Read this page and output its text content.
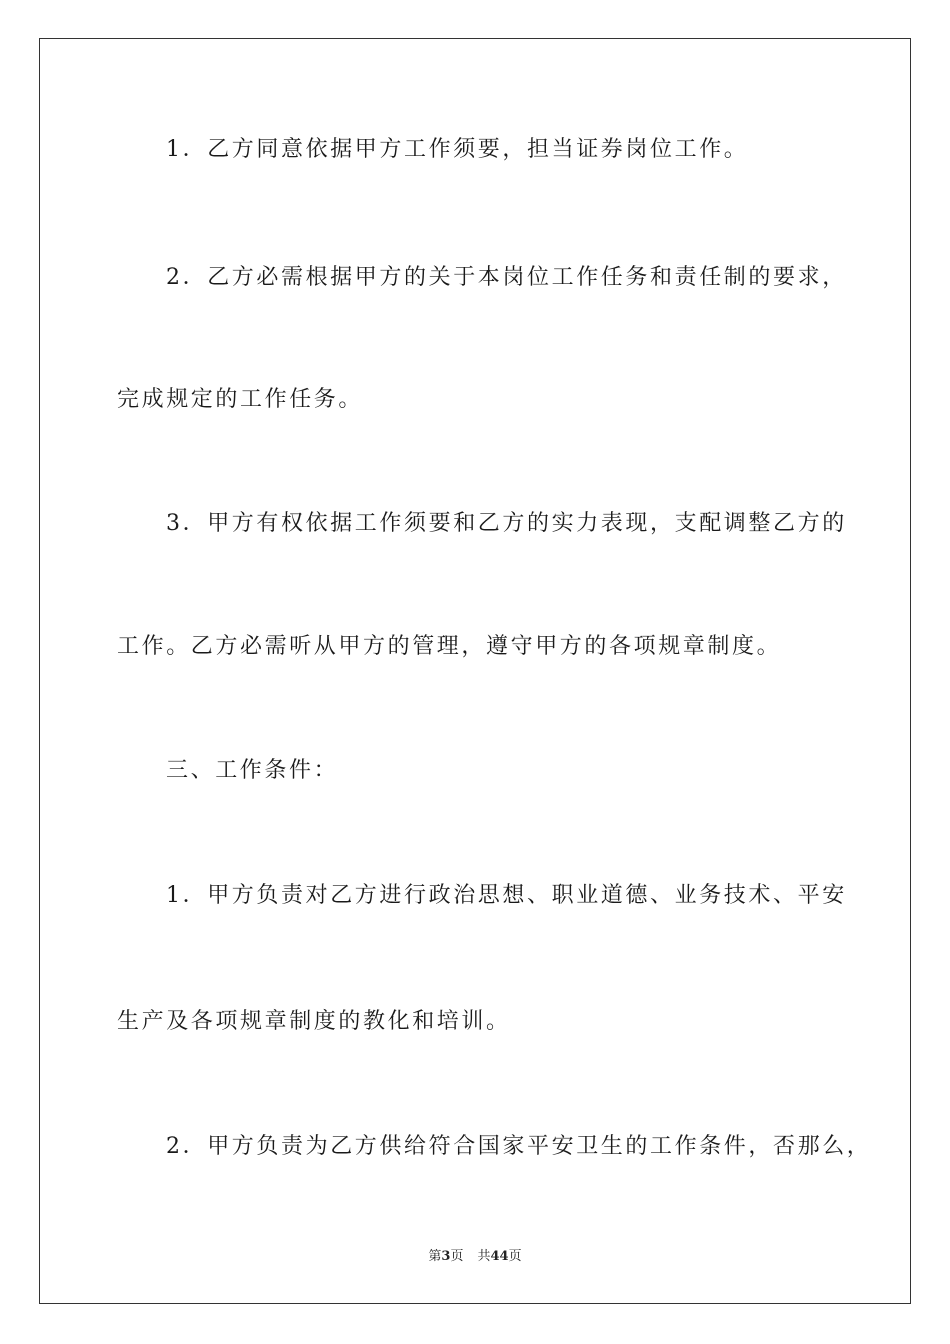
1．乙方同意依据甲方工作须要，担当证券岗位工作。
2．乙方必需根据甲方的关于本岗位工作任务和责任制的要求，
完成规定的工作任务。
3．甲方有权依据工作须要和乙方的实力表现，支配调整乙方的
工作。乙方必需听从甲方的管理，遵守甲方的各项规章制度。
三、工作条件：
1．甲方负责对乙方进行政治思想、职业道德、业务技术、平安
生产及各项规章制度的教化和培训。
2．甲方负责为乙方供给符合国家平安卫生的工作条件，否那么，
第3页 共44页
